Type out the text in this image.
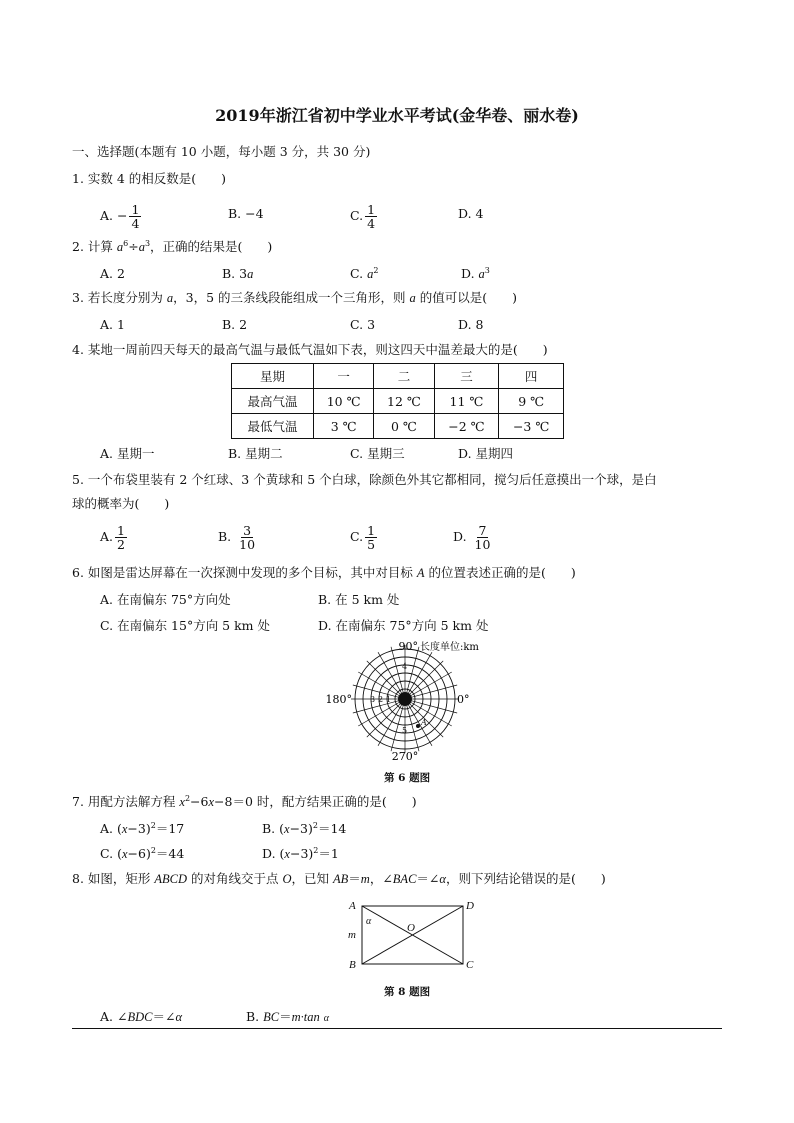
2019年浙江省初中学业水平考试(金华卷、丽水卷)
一、选择题(本题有 10 小题，每小题 3 分，共 30 分)
1. 实数 4 的相反数是(　　)
A. − $\frac{1}{4}$	B. −4	C. $\frac{1}{4}$	D. 4
2. 计算 $a^6\div a^3$，正确的结果是(　　)
A. 2	B. 3a	C. $a^2$	D. $a^3$
3. 若长度分别为 a，3，5 的三条线段能组成一个三角形，则 a 的值可以是(　　)
A. 1	B. 2	C. 3	D. 8
4. 某地一周前四天每天的最高气温与最低气温如下表，则这四天中温差最大的是(　　)
星期	一	二	三	四
最高气温	10 ℃	12 ℃	11 ℃	9 ℃
最低气温	3 ℃	0 ℃	−2 ℃	−3 ℃
A. 星期一	B. 星期二	C. 星期三	D. 星期四
5. 一个布袋里装有 2 个红球、3 个黄球和 5 个白球，除颜色外其它都相同，搅匀后任意摸出一个球，是白
球的概率为(　　)
A. $\frac{1}{2}$	B. $\frac{3}{10}$	C. $\frac{1}{5}$	D. $\frac{7}{10}$
6. 如图是雷达屏幕在一次探测中发现的多个目标，其中对目标 A 的位置表述正确的是(　　)
A. 在南偏东 75°方向处	B. 在 5 km 处
C. 在南偏东 15°方向 5 km 处	D. 在南偏东 75°方向 5 km 处
90° 长度单位:km
180°	0°
270°
1
2
3
4
5
A
第 6 题图
7. 用配方法解方程 $x^2-6x-8=0$ 时，配方结果正确的是(　　)
A. $(x-3)^2=17$	B. $(x-3)^2=14$
C. $(x-6)^2=44$	D. $(x-3)^2=1$
8. 如图，矩形 ABCD 的对角线交于点 O，已知 AB＝m，∠BAC＝∠α，则下列结论错误的是(　　)
A
B	C
D
O
m
α
第 8 题图
A. ∠BDC＝∠α	B. BC＝m·tan α
